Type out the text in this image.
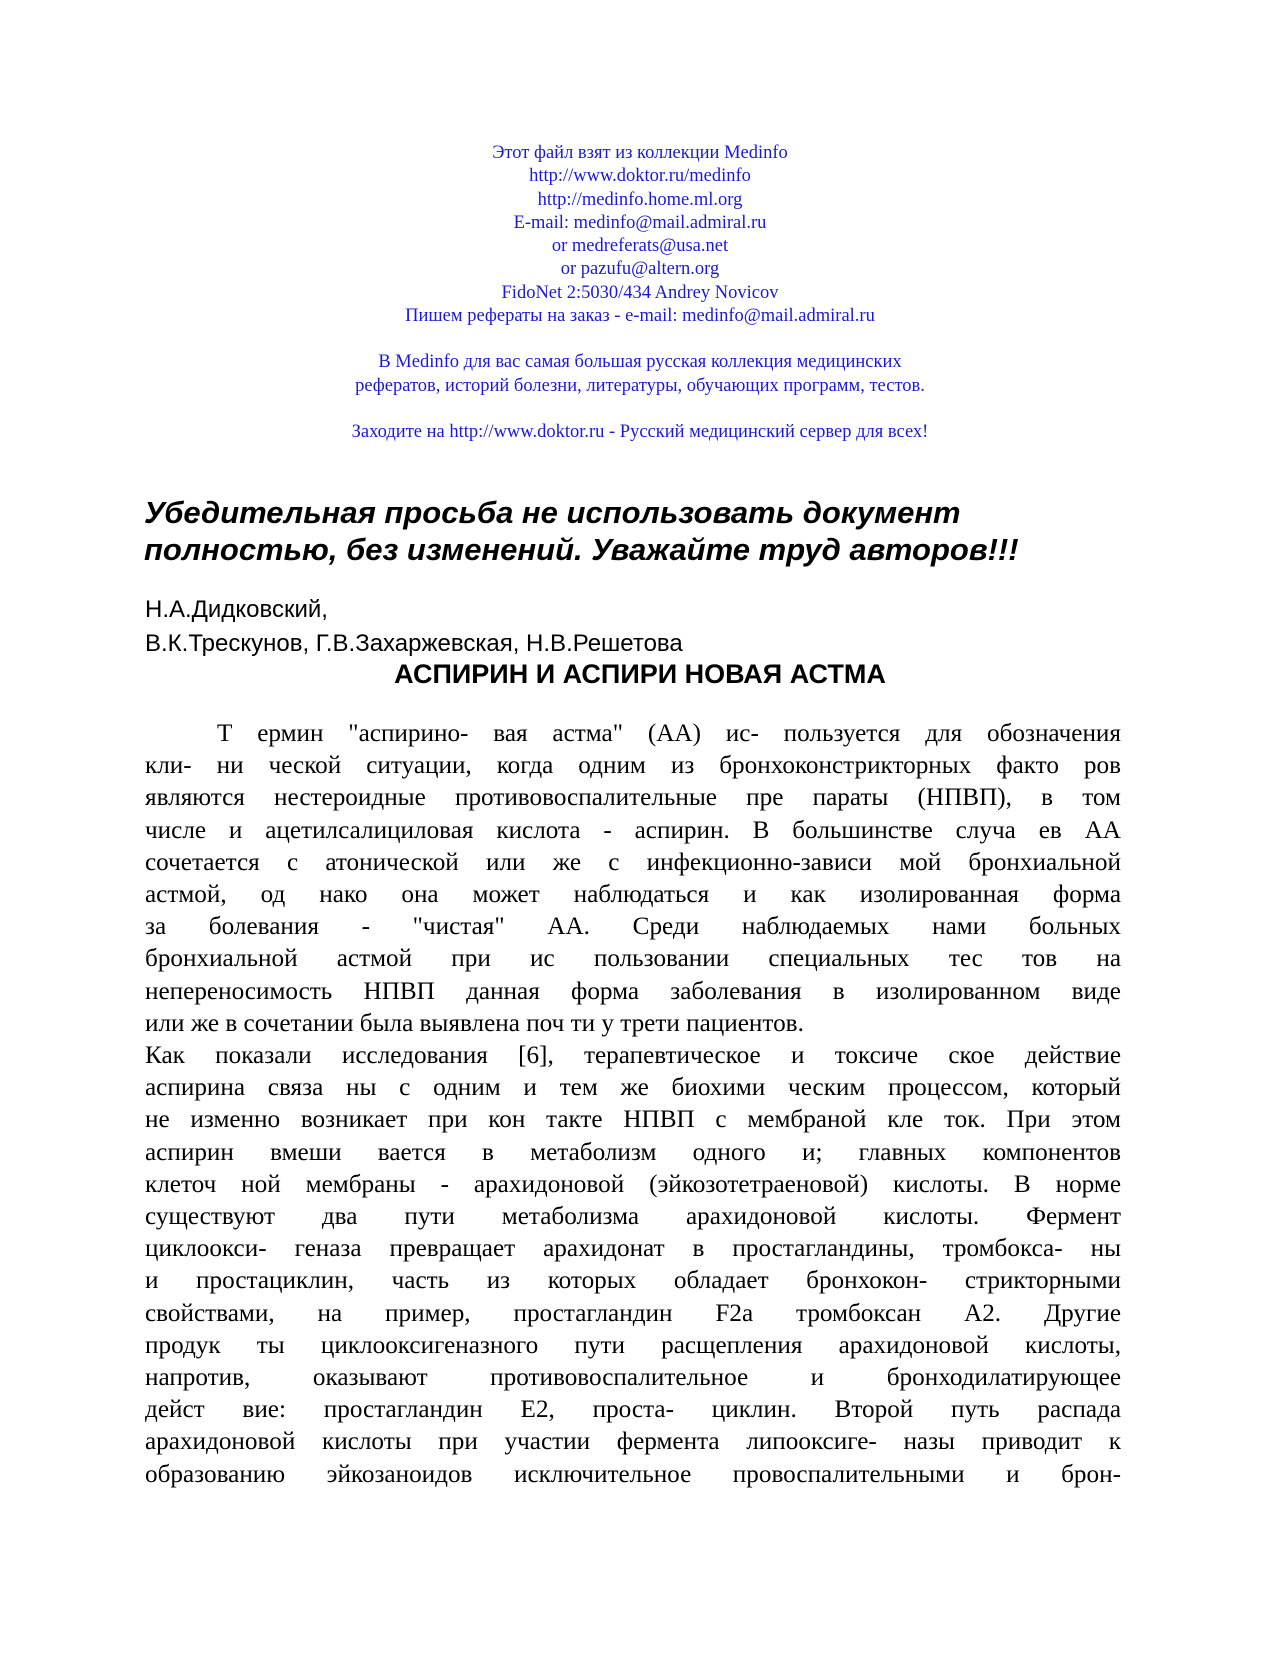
Этот файл взят из коллекции Medinfo
http://www.doktor.ru/medinfo
http://medinfo.home.ml.org
E-mail: medinfo@mail.admiral.ru
or medreferats@usa.net
or pazufu@altern.org
FidoNet 2:5030/434 Andrey Novicov
Пишем рефераты на заказ - e-mail: medinfo@mail.admiral.ru
В Medinfo для вас самая большая русская коллекция медицинских
рефератов, историй болезни, литературы, обучающих программ, тестов.
Заходите на http://www.doktor.ru - Русский медицинский сервер для всех!
Убедительная просьба не использовать документ
полностью, без изменений. Уважайте труд авторов!!!
Н.А.Дидковский,
В.К.Трескунов, Г.В.Захаржевская, Н.В.Решетова
АСПИРИН И АСПИРИ НОВАЯ АСТМА
Т ермин "аспирино- вая астма" (АА) ис- пользуется для обозначения
кли- ни ческой ситуации, когда одним из бронхоконстрикторных факто ров
являются нестероидные противовоспалительные пре параты (НПВП), в том
числе и ацетилсалициловая кислота - аспирин. В большинстве случа ев АА
сочетается с атонической или же с инфекционно-зависи мой бронхиальной
астмой, од нако она может наблюдаться и как изолированная форма
за болевания - "чистая" АА. Среди наблюдаемых нами больных
бронхиальной астмой при ис пользовании специальных тес тов на
непереносимость НПВП данная форма заболевания в изолированном виде
или же в сочетании была выявлена поч ти у трети пациентов.
Как показали исследования [6], терапевтическое и токсиче ское действие
аспирина связа ны с одним и тем же биохими ческим процессом, который
не изменно возникает при кон такте НПВП с мембраной кле ток. При этом
аспирин вмеши вается в метаболизм одного и; главных компонентов
клеточ ной мембраны - арахидоновой (эйкозотетраеновой) кислоты. В норме
существуют два пути метаболизма арахидоновой кислоты. Фермент
циклоокси- геназа превращает арахидонат в простагландины, тромбокса- ны
и простациклин, часть из которых обладает бронхокон- стрикторными
свойствами, на пример, простагландин F2a тромбоксан А2. Другие
продук ты циклооксигеназного пути расщепления арахидоновой кислоты,
напротив, оказывают противовоспалительное и бронходилатирующее
дейст вие: простагландин Е2, проста- циклин. Второй путь распада
арахидоновой кислоты при участии фермента липооксиге- назы приводит к
образованию эйкозаноидов исключительное провоспалительными и брон-
